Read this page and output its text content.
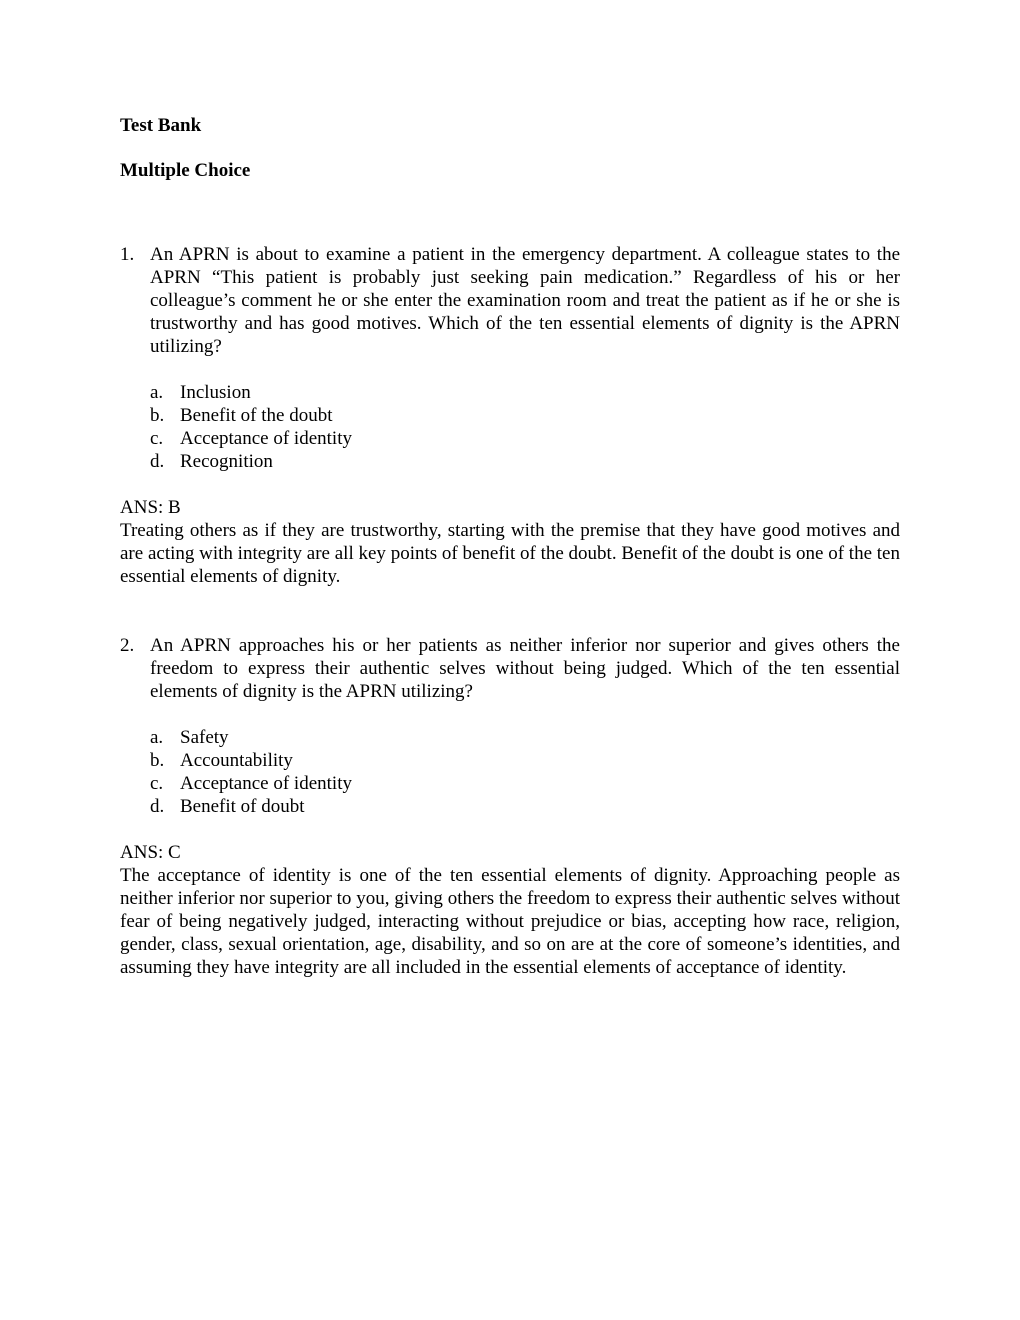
Test Bank

Multiple Choice

1. An APRN is about to examine a patient in the emergency department. A colleague states to the APRN “This patient is probably just seeking pain medication.” Regardless of his or her colleague’s comment he or she enter the examination room and treat the patient as if he or she is trustworthy and has good motives. Which of the ten essential elements of dignity is the APRN utilizing?
a. Inclusion
b. Benefit of the doubt
c. Acceptance of identity
d. Recognition
ANS: B
Treating others as if they are trustworthy, starting with the premise that they have good motives and are acting with integrity are all key points of benefit of the doubt. Benefit of the doubt is one of the ten essential elements of dignity.
2. An APRN approaches his or her patients as neither inferior nor superior and gives others the freedom to express their authentic selves without being judged. Which of the ten essential elements of dignity is the APRN utilizing?
a. Safety
b. Accountability
c. Acceptance of identity
d. Benefit of doubt
ANS: C
The acceptance of identity is one of the ten essential elements of dignity. Approaching people as neither inferior nor superior to you, giving others the freedom to express their authentic selves without fear of being negatively judged, interacting without prejudice or bias, accepting how race, religion, gender, class, sexual orientation, age, disability, and so on are at the core of someone’s identities, and assuming they have integrity are all included in the essential elements of acceptance of identity.
